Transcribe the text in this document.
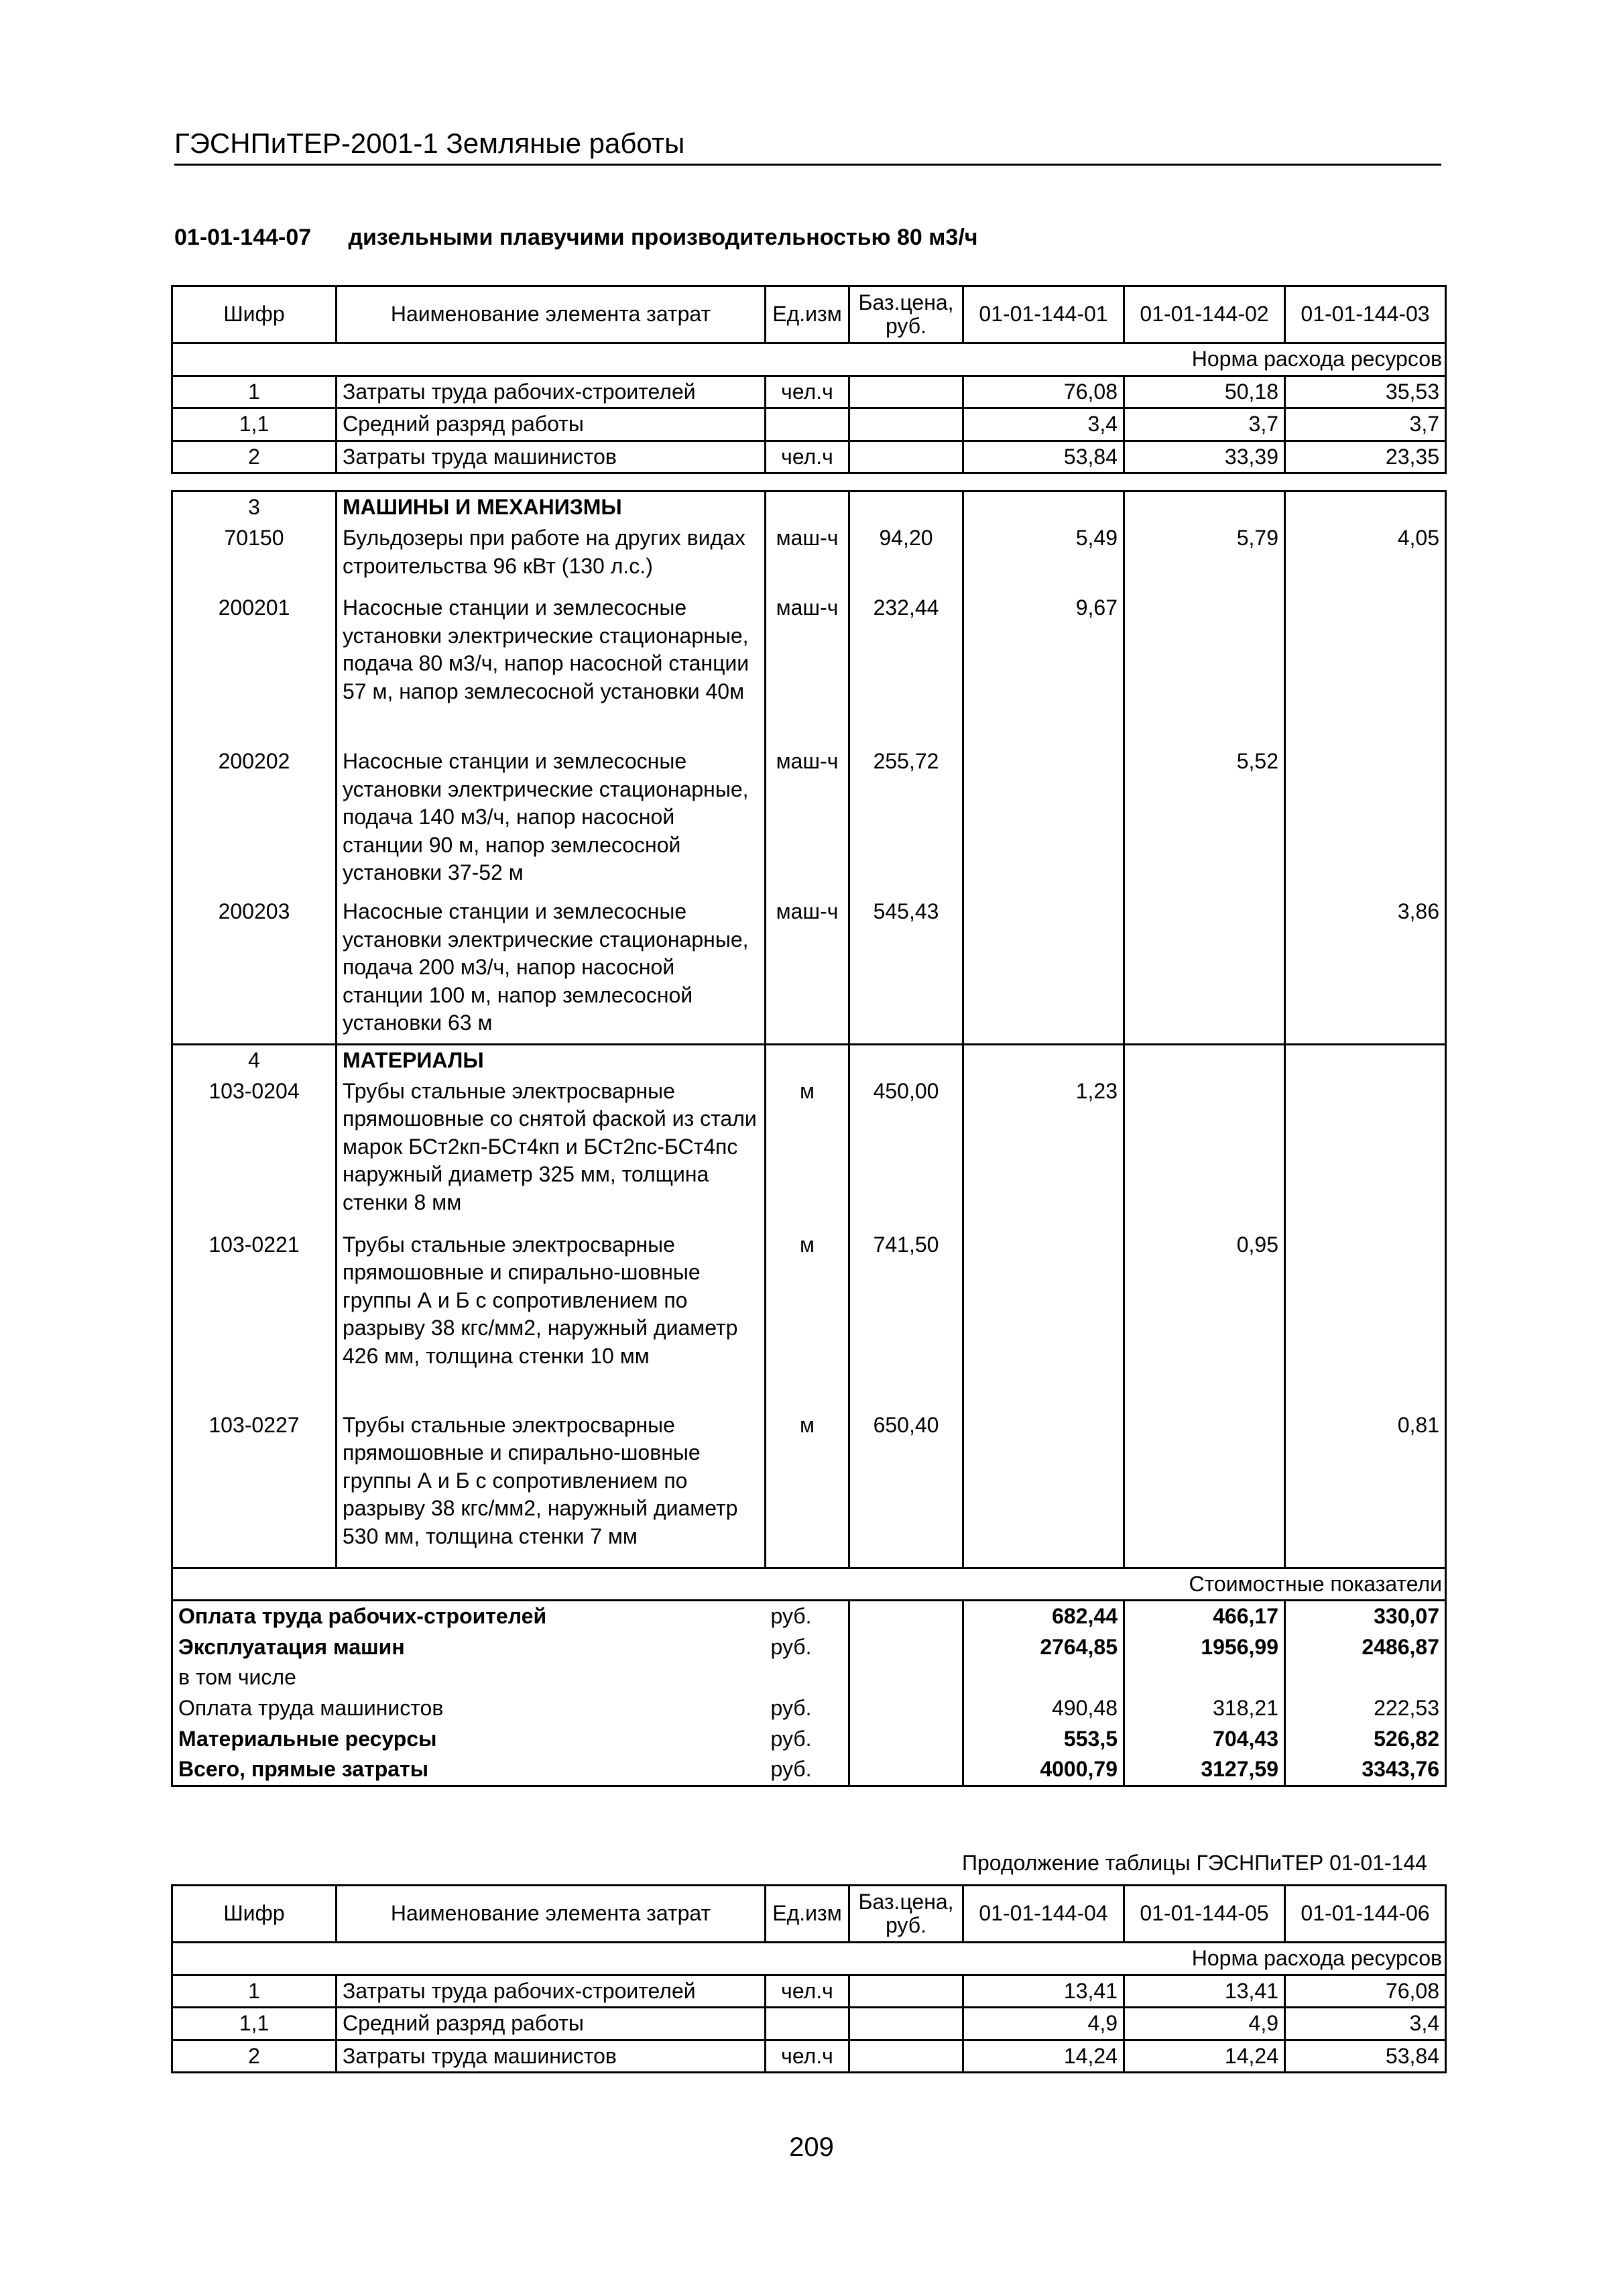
ГЭСНПиТЕР-2001-1 Земляные работы
01-01-144-07 дизельными плавучими производительностью 80 м3/ч
Шифр	Наименование элемента затрат	Ед.изм	Баз.цена, руб.	01-01-144-01	01-01-144-02	01-01-144-03
Норма расхода ресурсов						
1	Затраты труда рабочих-строителей	чел.ч		76,08	50,18	35,53
1,1	Средний разряд работы			3,4	3,7	3,7
2	Затраты труда машинистов	чел.ч		53,84	33,39	23,35

3	МАШИНЫ И МЕХАНИЗМЫ					
70150	Бульдозеры при работе на других видах строительства 96 кВт (130 л.с.)	маш-ч	94,20	5,49	5,79	4,05
200201	Насосные станции и землесосные установки электрические стационарные, подача 80 м3/ч, напор насосной станции 57 м, напор землесосной установки 40м	маш-ч	232,44	9,67		
200202	Насосные станции и землесосные установки электрические стационарные, подача 140 м3/ч, напор насосной станции 90 м, напор землесосной установки 37-52 м	маш-ч	255,72		5,52	
200203	Насосные станции и землесосные установки электрические стационарные, подача 200 м3/ч, напор насосной станции 100 м, напор землесосной установки 63 м	маш-ч	545,43			3,86
4	МАТЕРИАЛЫ					
103-0204	Трубы стальные электросварные прямошовные со снятой фаской из стали марок БСт2кп-БСт4кп и БСт2пс-БСт4пс наружный диаметр 325 мм, толщина стенки 8 мм	м	450,00	1,23		
103-0221	Трубы стальные электросварные прямошовные и спирально-шовные группы А и Б с сопротивлением по разрыву 38 кгс/мм2, наружный диаметр 426 мм, толщина стенки 10 мм	м	741,50		0,95	
103-0227	Трубы стальные электросварные прямошовные и спирально-шовные группы А и Б с сопротивлением по разрыву 38 кгс/мм2, наружный диаметр 530 мм, толщина стенки 7 мм	м	650,40			0,81
Стоимостные показатели						
Оплата труда рабочих-строителей		руб.		682,44	466,17	330,07
Эксплуатация машин		руб.		2764,85	1956,99	2486,87
в том числе						
Оплата труда машинистов		руб.		490,48	318,21	222,53
Материальные ресурсы		руб.		553,5	704,43	526,82
Всего, прямые затраты		руб.		4000,79	3127,59	3343,76
Продолжение таблицы ГЭСНПиТЕР 01-01-144
Шифр	Наименование элемента затрат	Ед.изм	Баз.цена, руб.	01-01-144-04	01-01-144-05	01-01-144-06
Норма расхода ресурсов						
1	Затраты труда рабочих-строителей	чел.ч		13,41	13,41	76,08
1,1	Средний разряд работы			4,9	4,9	3,4
2	Затраты труда машинистов	чел.ч		14,24	14,24	53,84
209
